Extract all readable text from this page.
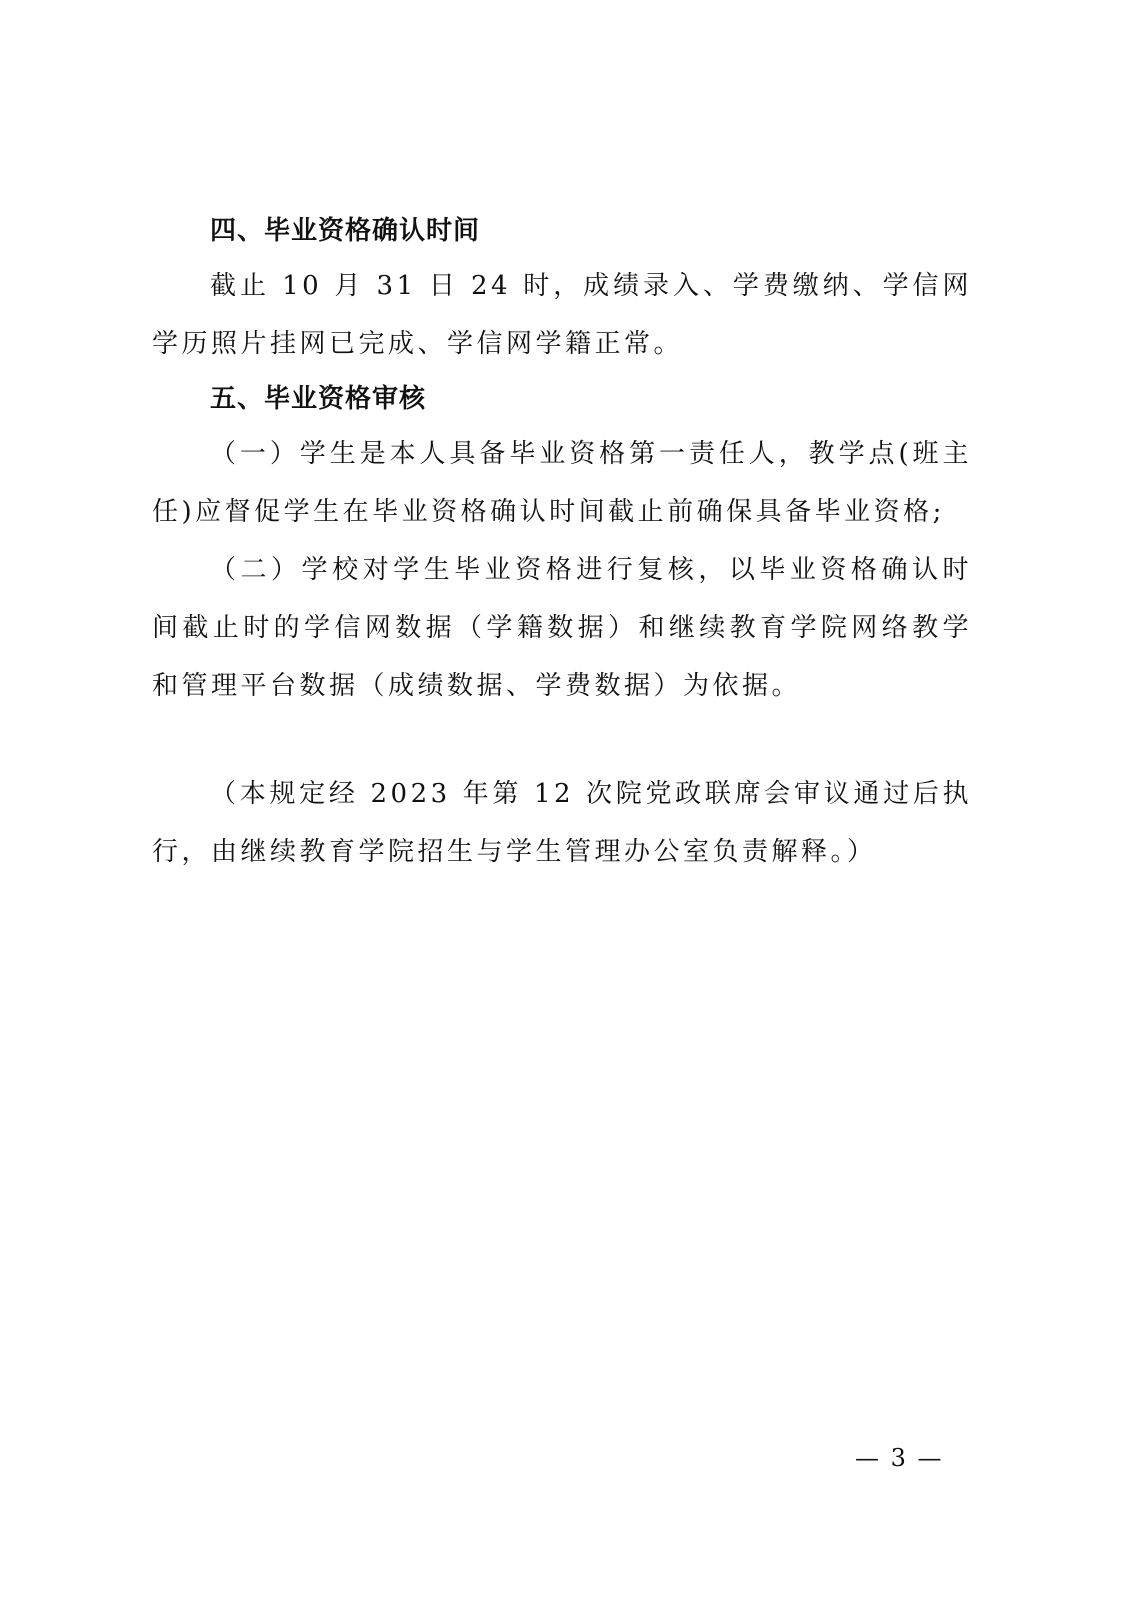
四、毕业资格确认时间

截止 10 月 31 日 24 时，成绩录入、学费缴纳、学信网学历照片挂网已完成、学信网学籍正常。

五、毕业资格审核

（一）学生是本人具备毕业资格第一责任人，教学点(班主任)应督促学生在毕业资格确认时间截止前确保具备毕业资格;

（二）学校对学生毕业资格进行复核，以毕业资格确认时间截止时的学信网数据（学籍数据）和继续教育学院网络教学和管理平台数据（成绩数据、学费数据）为依据。

（本规定经 2023 年第 12 次院党政联席会审议通过后执行，由继续教育学院招生与学生管理办公室负责解释。）

— 3 —
